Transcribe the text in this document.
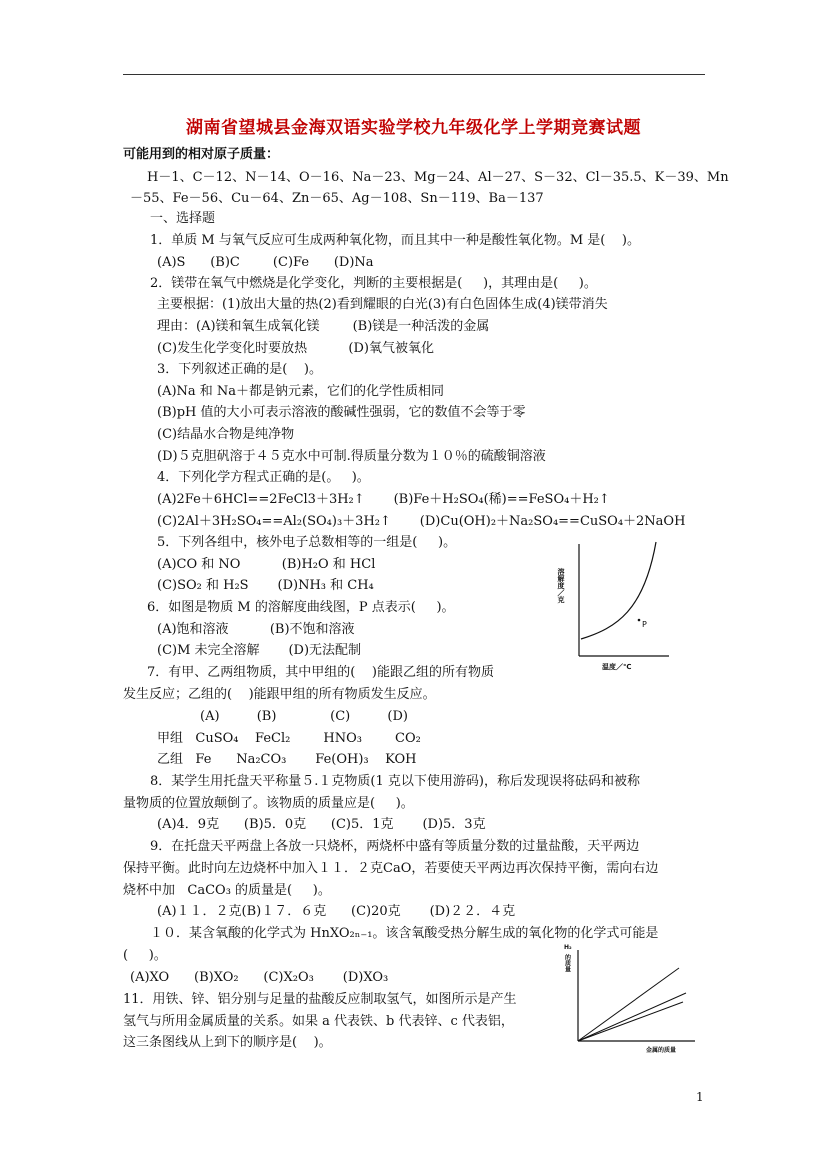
湖南省望城县金海双语实验学校九年级化学上学期竞赛试题
可能用到的相对原子质量：
H－1、C－12、N－14、O－16、Na－23、Mg－24、Al－27、S－32、Cl－35.5、K－39、Mn
－55、Fe－56、Cu－64、Zn－65、Ag－108、Sn－119、Ba－137
一、选择题
1．单质 M 与氧气反应可生成两种氧化物，而且其中一种是酸性氧化物。M 是(    )。
(A)S      (B)C        (C)Fe      (D)Na
2．镁带在氧气中燃烧是化学变化，判断的主要根据是(     )，其理由是(     )。
主要根据：(1)放出大量的热(2)看到耀眼的白光(3)有白色固体生成(4)镁带消失
理由：(A)镁和氧生成氧化镁        (B)镁是一种活泼的金属
(C)发生化学变化时要放热          (D)氧气被氧化
3．下列叙述正确的是(    )。
(A)Na 和 Na＋都是钠元素，它们的化学性质相同
(B)pH 值的大小可表示溶液的酸碱性强弱，它的数值不会等于零
(C)结晶水合物是纯净物
(D)５克胆矾溶于４５克水中可制.得质量分数为１０％的硫酸铜溶液
4．下列化学方程式正确的是(。   )。
(A)2Fe＋6HCl==2FeCl3＋3H₂↑       (B)Fe＋H₂SO₄(稀)==FeSO₄＋H₂↑
(C)2Al＋3H₂SO₄==Al₂(SO₄)₃＋3H₂↑       (D)Cu(OH)₂＋Na₂SO₄==CuSO₄＋2NaOH
5．下列各组中，核外电子总数相等的一组是(     )。
(A)CO 和 NO          (B)H₂O 和 HCl
(C)SO₂ 和 H₂S       (D)NH₃ 和 CH₄
6．如图是物质 M 的溶解度曲线图，P 点表示(     )。
(A)饱和溶液          (B)不饱和溶液
(C)M 未完全溶解       (D)无法配制
7．有甲、乙两组物质，其中甲组的(    )能跟乙组的所有物质
发生反应；乙组的(    )能跟甲组的所有物质发生反应。
(A)         (B)             (C)         (D)
甲组   CuSO₄    FeCl₂        HNO₃        CO₂
乙组   Fe      Na₂CO₃       Fe(OH)₃    KOH
8．某学生用托盘天平称量５.１克物质(1 克以下使用游码)，称后发现误将砝码和被称
量物质的位置放颠倒了。该物质的质量应是(     )。
(A)4．9克      (B)5．0克      (C)5．1克       (D)5．3克
9．在托盘天平两盘上各放一只烧杯，两烧杯中盛有等质量分数的过量盐酸，天平两边
保持平衡。此时向左边烧杯中加入１１．２克CaO，若要使天平两边再次保持平衡，需向右边
烧杯中加   CaCO₃ 的质量是(     )。
(A)１１．２克(B)１７．６克      (C)20克       (D)２２．４克
１０．某含氧酸的化学式为 HnXO₂ₙ₋₁。该含氧酸受热分解生成的氧化物的化学式可能是
(     )。
(A)XO      (B)XO₂      (C)X₂O₃       (D)XO₃
11．用铁、锌、铝分别与足量的盐酸反应制取氢气，如图所示是产生
氢气与所用金属质量的关系。如果 a 代表铁、b 代表锌、c 代表铝，
这三条图线从上到下的顺序是(    )。
P
溶解度／克
温度／℃
H₂
的质量
金属的质量
1
